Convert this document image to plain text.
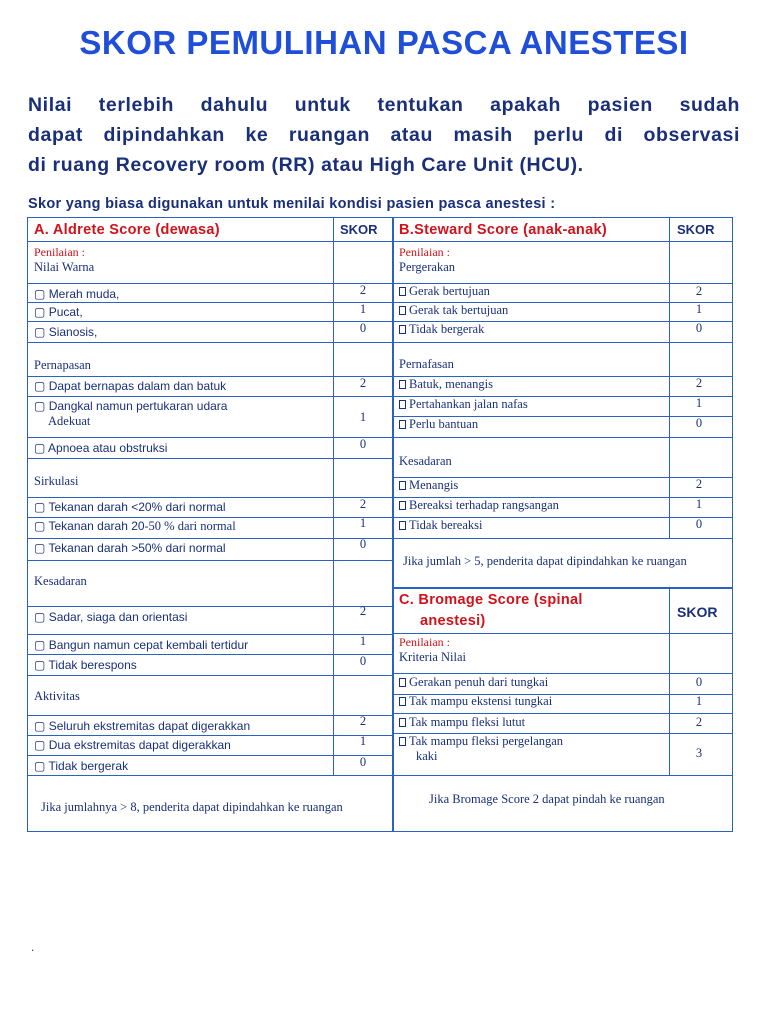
SKOR PEMULIHAN PASCA ANESTESI
Nilai terlebih dahulu untuk tentukan apakah pasien sudah
dapat dipindahkan ke ruangan atau masih perlu di observasi
di ruang Recovery room (RR) atau High Care Unit (HCU).
Skor yang biasa digunakan untuk menilai kondisi pasien pasca anestesi :
A. Aldrete Score (dewasa)	SKOR
Penilaian :
Nilai Warna
▢ Merah muda,	2
▢ Pucat,	1
▢ Sianosis,	0
Pernapasan
▢ Dapat bernapas dalam dan batuk	2
▢ Dangkal namun pertukaran udara
Adekuat	1
▢ Apnoea atau obstruksi	0
Sirkulasi
▢ Tekanan darah <20% dari normal	2
▢ Tekanan darah 20-50 % dari normal	1
▢ Tekanan darah >50% dari normal	0
Kesadaran
▢ Sadar, siaga dan orientasi	2
▢ Bangun namun cepat kembali tertidur	1
▢ Tidak berespons	0
Aktivitas
▢ Seluruh ekstremitas dapat digerakkan	2
▢ Dua ekstremitas dapat digerakkan	1
▢ Tidak bergerak	0
Jika jumlahnya > 8, penderita dapat dipindahkan ke ruangan
B.Steward Score (anak-anak)	SKOR
Penilaian :
Pergerakan
Gerak bertujuan	2
Gerak tak bertujuan	1
Tidak bergerak	0
Pernafasan
Batuk, menangis	2
Pertahankan jalan nafas	1
Perlu bantuan	0
Kesadaran
Menangis	2
Bereaksi terhadap rangsangan	1
Tidak bereaksi	0
Jika jumlah > 5, penderita dapat dipindahkan ke ruangan
C. Bromage Score (spinal
anestesi)
SKOR
Penilaian :
Kriteria Nilai
Gerakan penuh dari tungkai	0
Tak mampu ekstensi tungkai	1
Tak mampu fleksi lutut	2
Tak mampu fleksi pergelangan
kaki	3
Jika Bromage Score 2 dapat pindah ke ruangan
.
